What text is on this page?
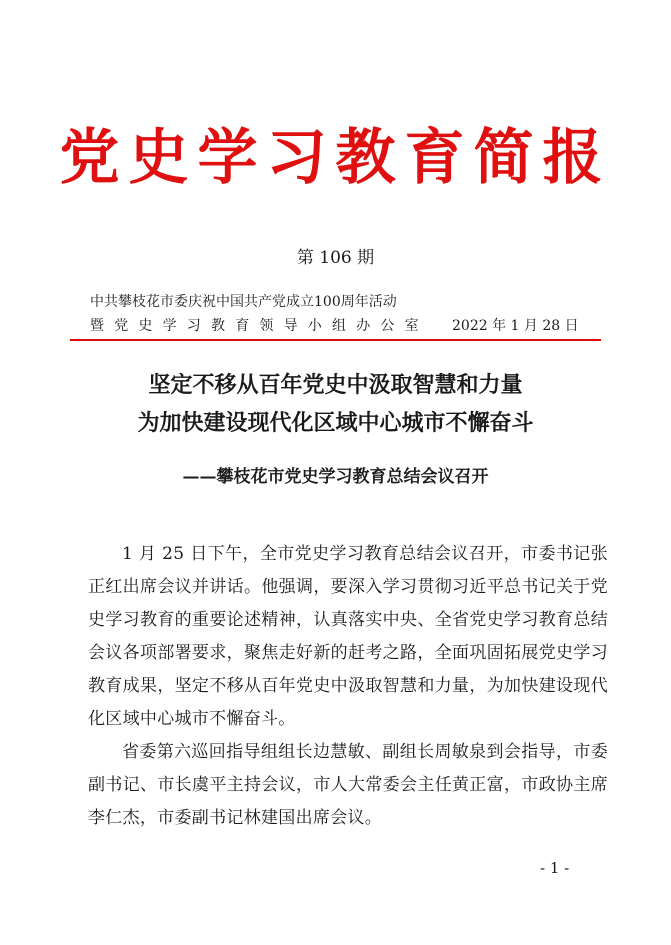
党史学习教育简报
第 106 期
中共攀枝花市委庆祝中国共产党成立100周年活动
暨党史学习教育领导小组办公室 2022 年 1 月 28 日
坚定不移从百年党史中汲取智慧和力量
为加快建设现代化区域中心城市不懈奋斗
——攀枝花市党史学习教育总结会议召开

1 月 25 日下午，全市党史学习教育总结会议召开，市委书记张正红出席会议并讲话。他强调，要深入学习贯彻习近平总书记关于党史学习教育的重要论述精神，认真落实中央、全省党史学习教育总结会议各项部署要求，聚焦走好新的赶考之路，全面巩固拓展党史学习教育成果，坚定不移从百年党史中汲取智慧和力量，为加快建设现代化区域中心城市不懈奋斗。

省委第六巡回指导组组长边慧敏、副组长周敏泉到会指导，市委副书记、市长虞平主持会议，市人大常委会主任黄正富，市政协主席李仁杰，市委副书记林建国出席会议。

- 1 -
